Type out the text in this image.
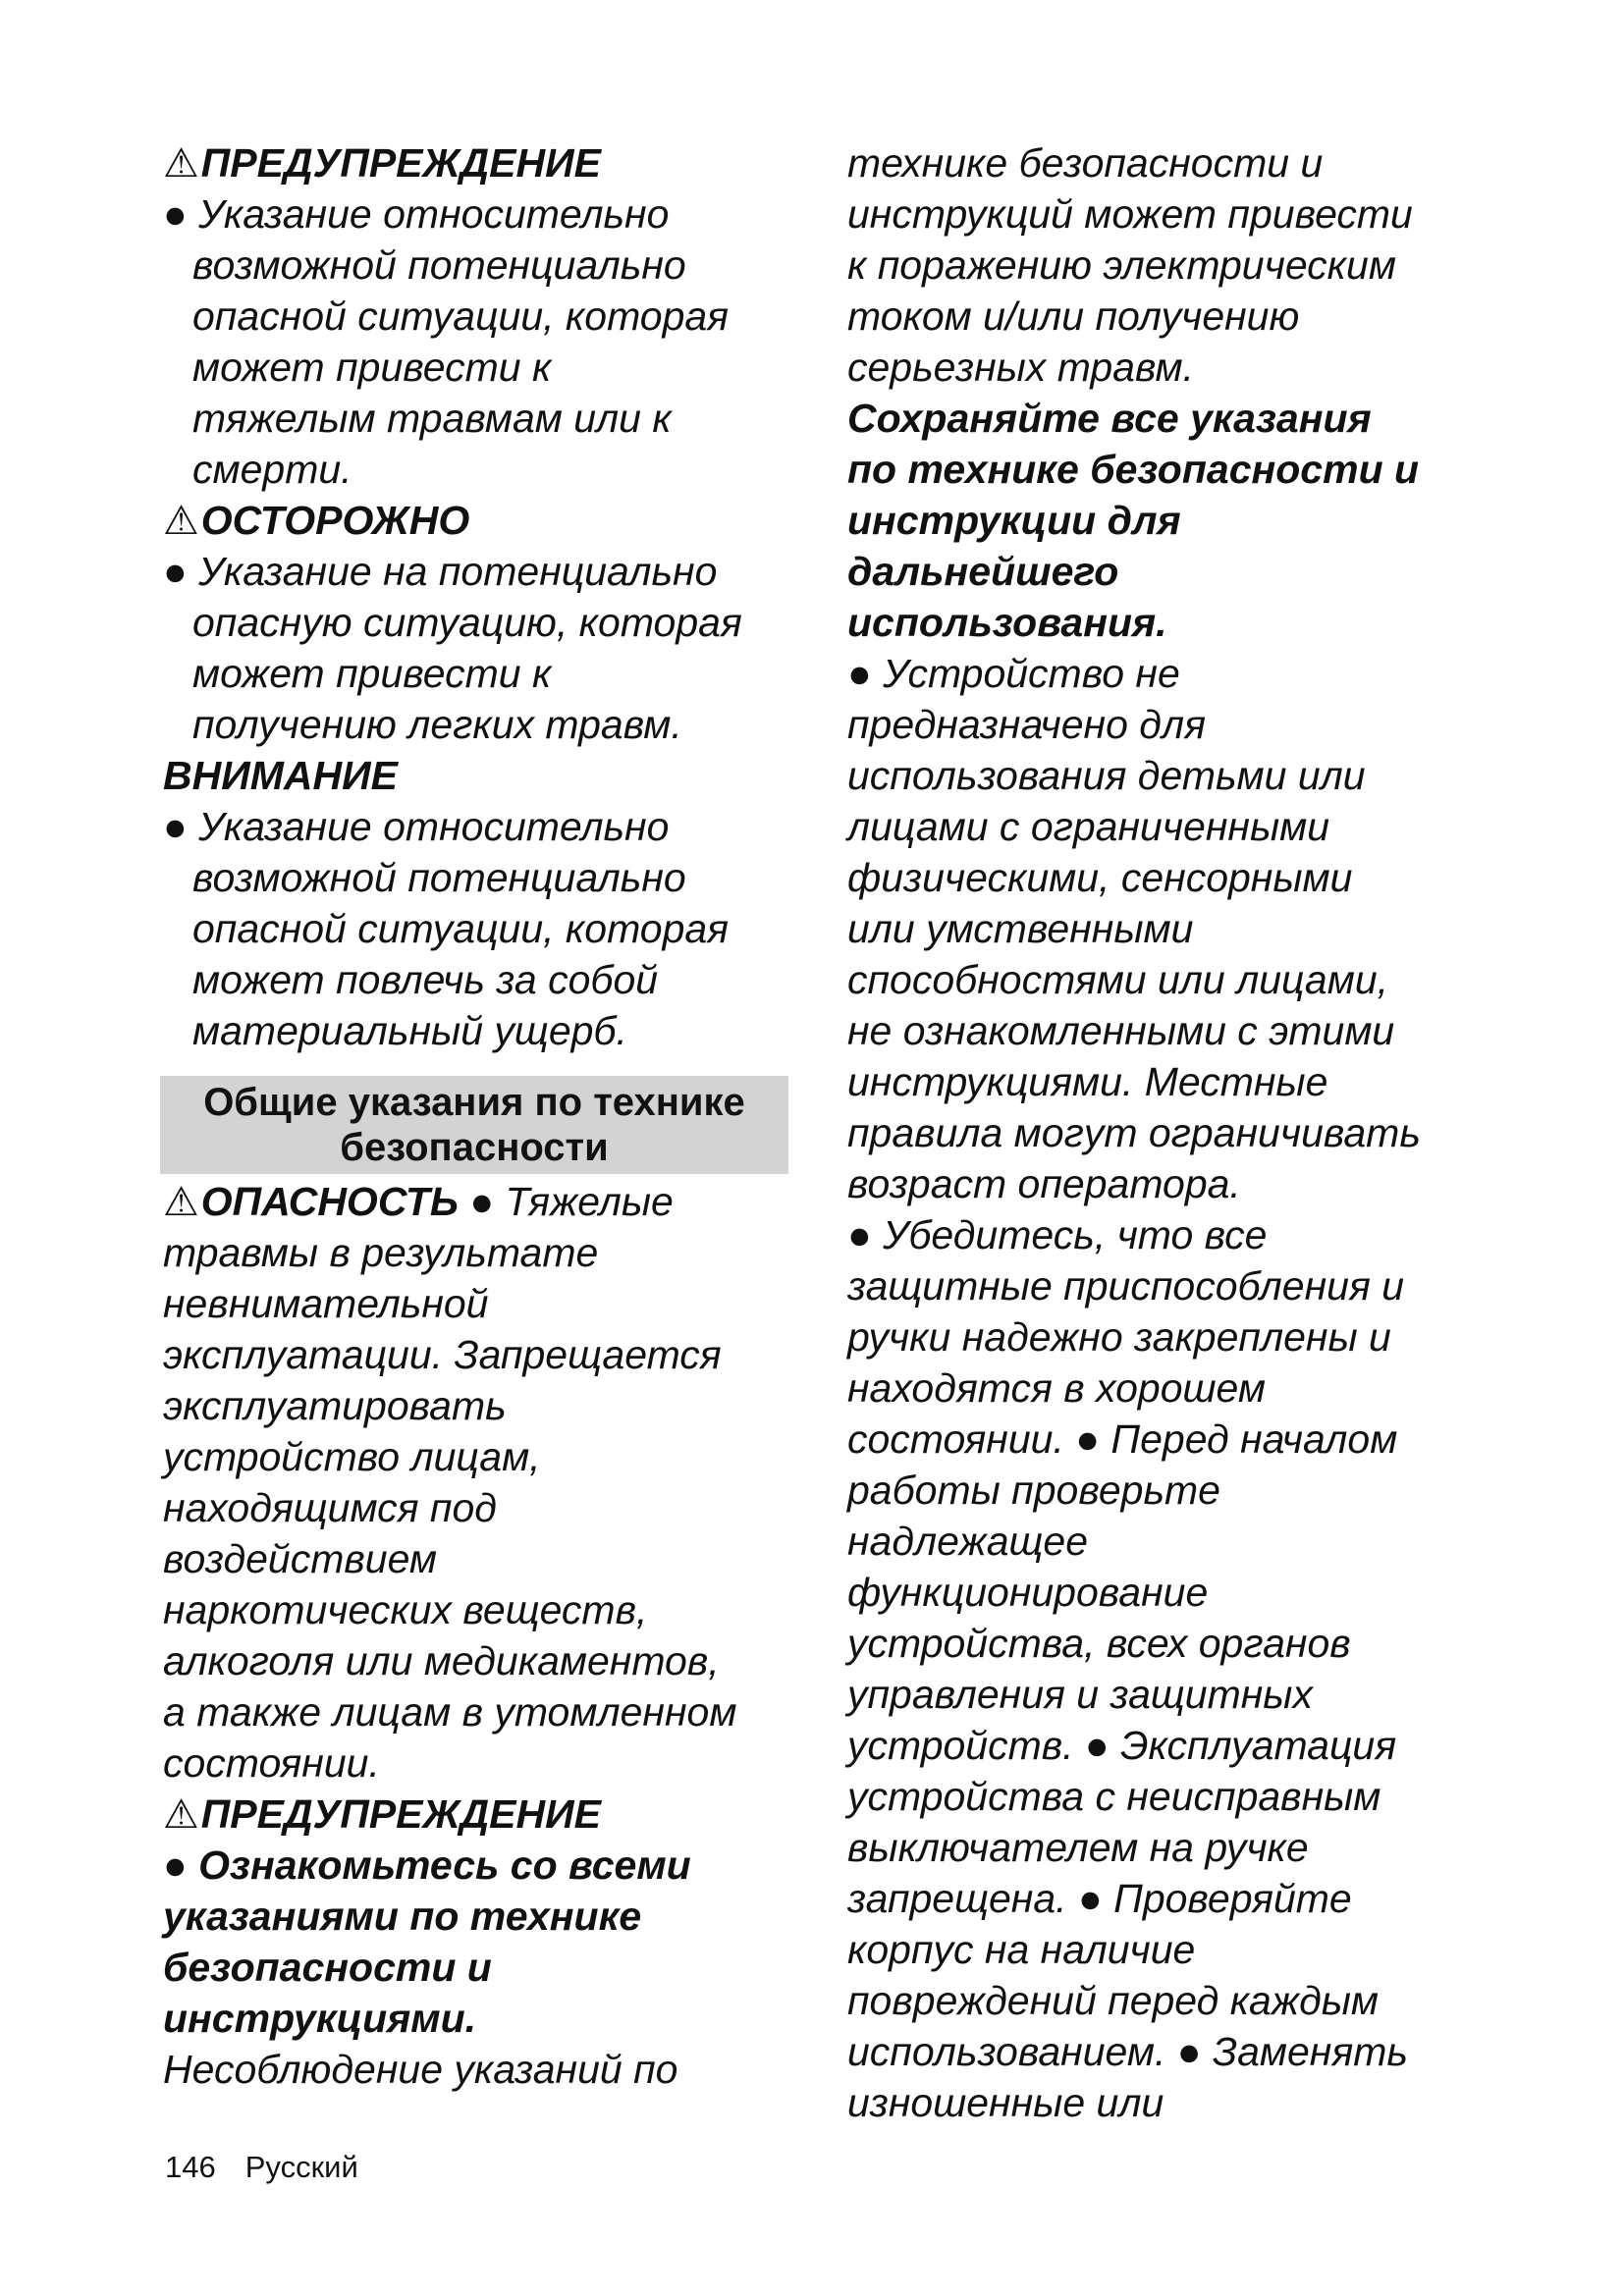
⚠ПРЕДУПРЕЖДЕНИЕ
● Указание относительно
возможной потенциально
опасной ситуации, которая
может привести к
тяжелым травмам или к
смерти.
⚠ОСТОРОЖНО
● Указание на потенциально
опасную ситуацию, которая
может привести к
получению легких травм.
ВНИМАНИЕ
● Указание относительно
возможной потенциально
опасной ситуации, которая
может повлечь за собой
материальный ущерб.
Общие указания по технике
безопасности
⚠ОПАСНОСТЬ ● Тяжелые
травмы в результате
невнимательной
эксплуатации. Запрещается
эксплуатировать
устройство лицам,
находящимся под
воздействием
наркотических веществ,
алкоголя или медикаментов,
а также лицам в утомленном
состоянии.
⚠ПРЕДУПРЕЖДЕНИЕ
● Ознакомьтесь со всеми
указаниями по технике
безопасности и
инструкциями.
Несоблюдение указаний по
технике безопасности и
инструкций может привести
к поражению электрическим
током и/или получению
серьезных травм.
Сохраняйте все указания
по технике безопасности и
инструкции для
дальнейшего
использования.
● Устройство не
предназначено для
использования детьми или
лицами с ограниченными
физическими, сенсорными
или умственными
способностями или лицами,
не ознакомленными с этими
инструкциями. Местные
правила могут ограничивать
возраст оператора.
● Убедитесь, что все
защитные приспособления и
ручки надежно закреплены и
находятся в хорошем
состоянии. ● Перед началом
работы проверьте
надлежащее
функционирование
устройства, всех органов
управления и защитных
устройств. ● Эксплуатация
устройства с неисправным
выключателем на ручке
запрещена. ● Проверяйте
корпус на наличие
повреждений перед каждым
использованием. ● Заменять
изношенные или
146 Русский
